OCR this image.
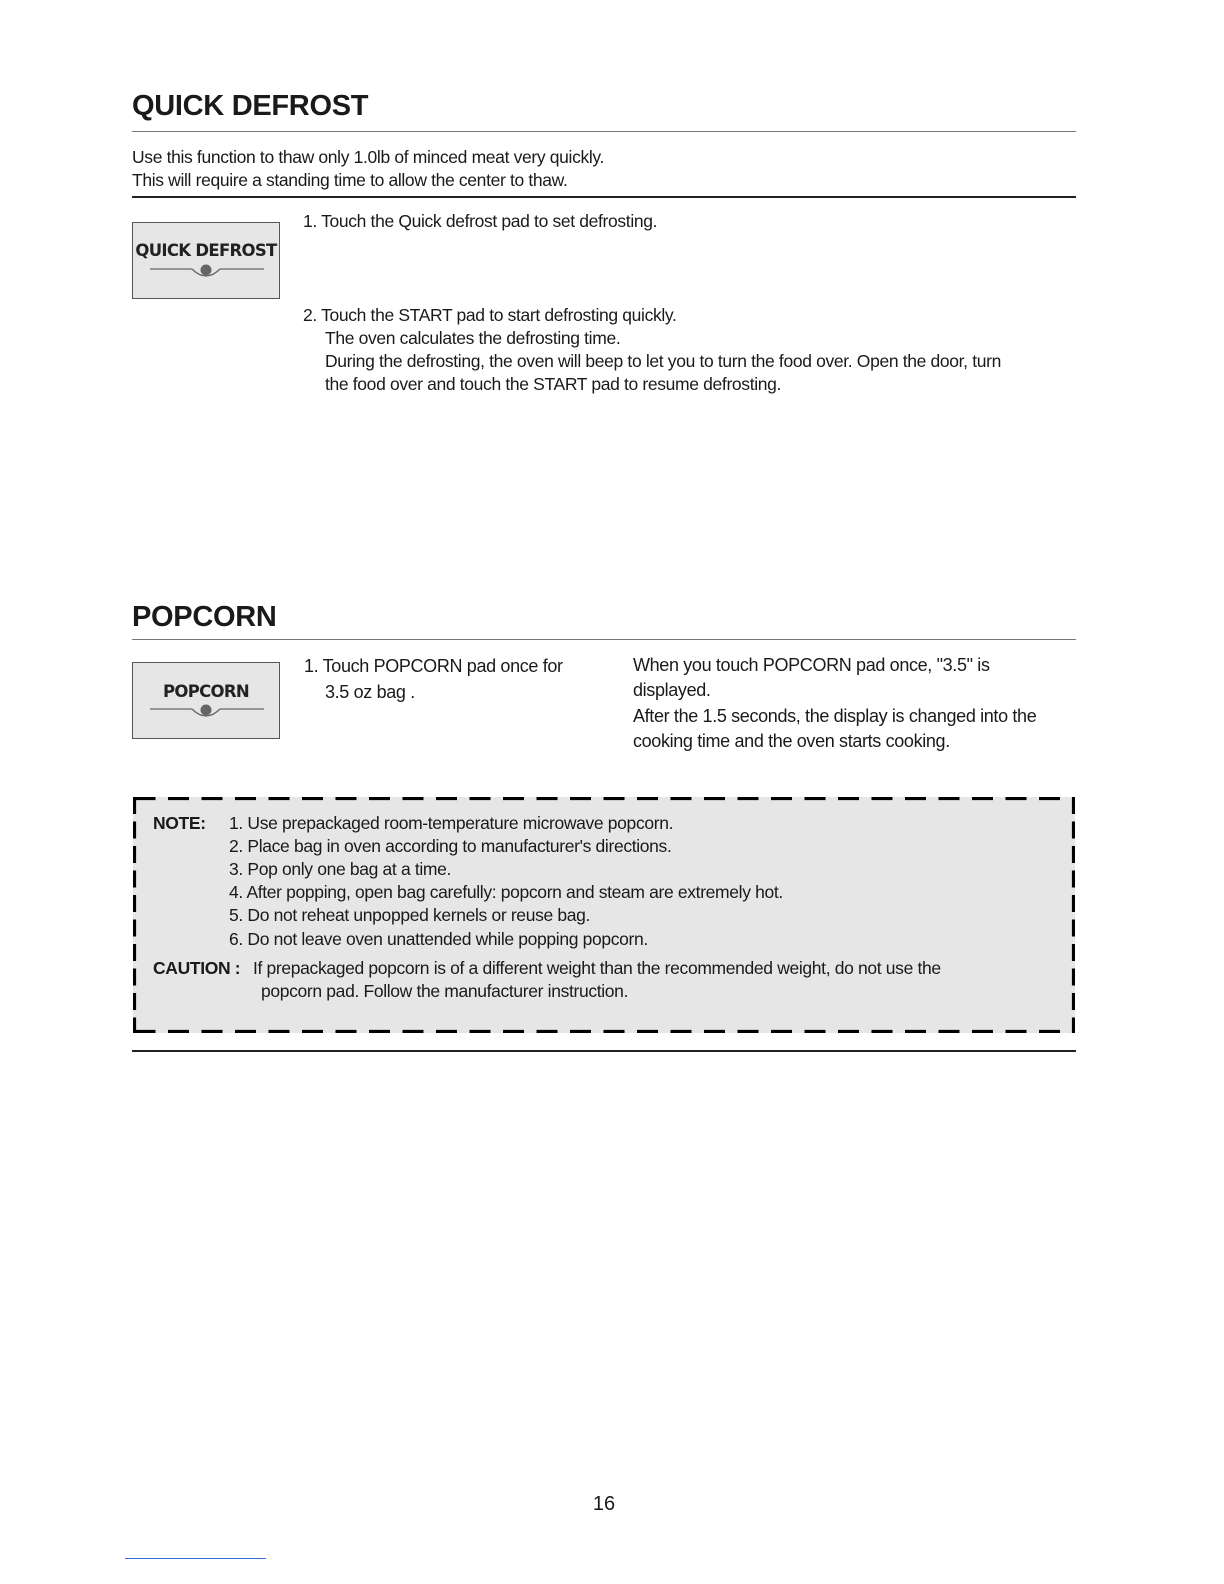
QUICK DEFROST
Use this function to thaw only 1.0lb of minced meat very quickly.
This will require a standing time to allow the center to thaw.
QUICK DEFROST
1. Touch the Quick defrost pad to set defrosting.
2. Touch the START pad to start defrosting quickly.
The oven calculates the defrosting time.
During the defrosting, the oven will beep to let you to turn the food over. Open the door, turn
the food over and touch the START pad to resume defrosting.
POPCORN
POPCORN
1. Touch POPCORN pad once for
3.5 oz bag .
When you touch POPCORN pad once, "3.5" is
displayed.
After the 1.5 seconds, the display is changed into the
cooking time and the oven starts cooking.
NOTE: 1. Use prepackaged room-temperature microwave popcorn.
2. Place bag in oven according to manufacturer's directions.
3. Pop only one bag at a time.
4. After popping, open bag carefully: popcorn and steam are extremely hot.
5. Do not reheat unpopped kernels or reuse bag.
6. Do not leave oven unattended while popping popcorn.
CAUTION : If prepackaged popcorn is of a different weight than the recommended weight, do not use the
popcorn pad. Follow the manufacturer instruction.
16
